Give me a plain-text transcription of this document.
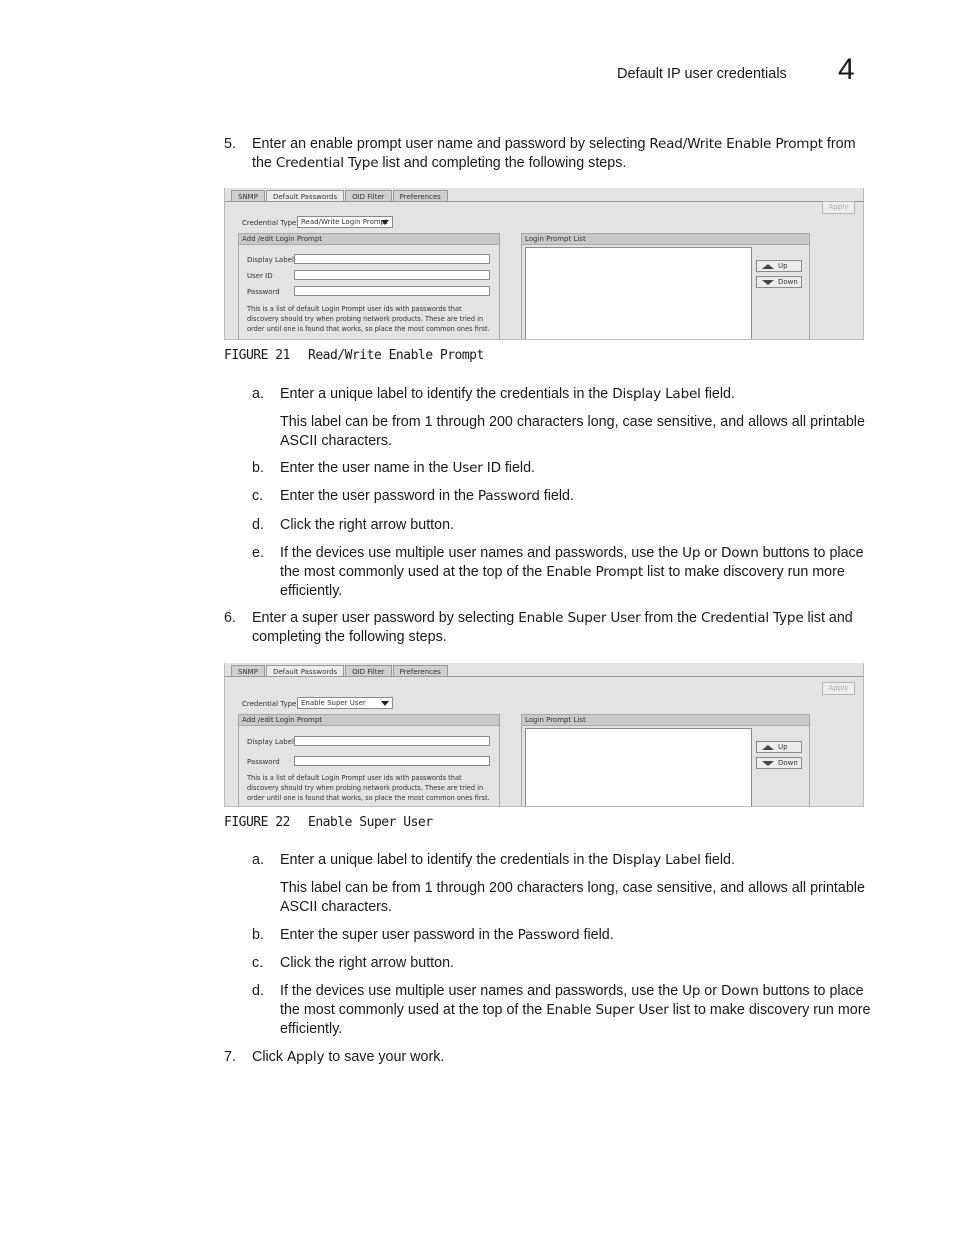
Default IP user credentials 4
5. Enter an enable prompt user name and password by selecting Read/Write Enable Prompt from the Credential Type list and completing the following steps.
SNMP	Default Passwords	OID Filter	Preferences
Apply
Credential Type Read/Write Login Prompt
Add /edit Login Prompt
Display Label
User ID
Password
This is a list of default Login Prompt user ids with passwords that discovery should try when probing network products. These are tried in order until one is found that works, so place the most common ones first.
Login Prompt List
Up
Down
FIGURE 21 Read/Write Enable Prompt
a. Enter a unique label to identify the credentials in the Display Label field.
This label can be from 1 through 200 characters long, case sensitive, and allows all printable ASCII characters.
b. Enter the user name in the User ID field.
c. Enter the user password in the Password field.
d. Click the right arrow button.
e. If the devices use multiple user names and passwords, use the Up or Down buttons to place the most commonly used at the top of the Enable Prompt list to make discovery run more efficiently.
6. Enter a super user password by selecting Enable Super User from the Credential Type list and completing the following steps.
SNMP	Default Passwords	OID Filter	Preferences
Apply
Credential Type Enable Super User
Add /edit Login Prompt
Display Label
Password
This is a list of default Login Prompt user ids with passwords that discovery should try when probing network products. These are tried in order until one is found that works, so place the most common ones first.
Login Prompt List
Up
Down
FIGURE 22 Enable Super User
a. Enter a unique label to identify the credentials in the Display Label field.
This label can be from 1 through 200 characters long, case sensitive, and allows all printable ASCII characters.
b. Enter the super user password in the Password field.
c. Click the right arrow button.
d. If the devices use multiple user names and passwords, use the Up or Down buttons to place the most commonly used at the top of the Enable Super User list to make discovery run more efficiently.
7. Click Apply to save your work.
